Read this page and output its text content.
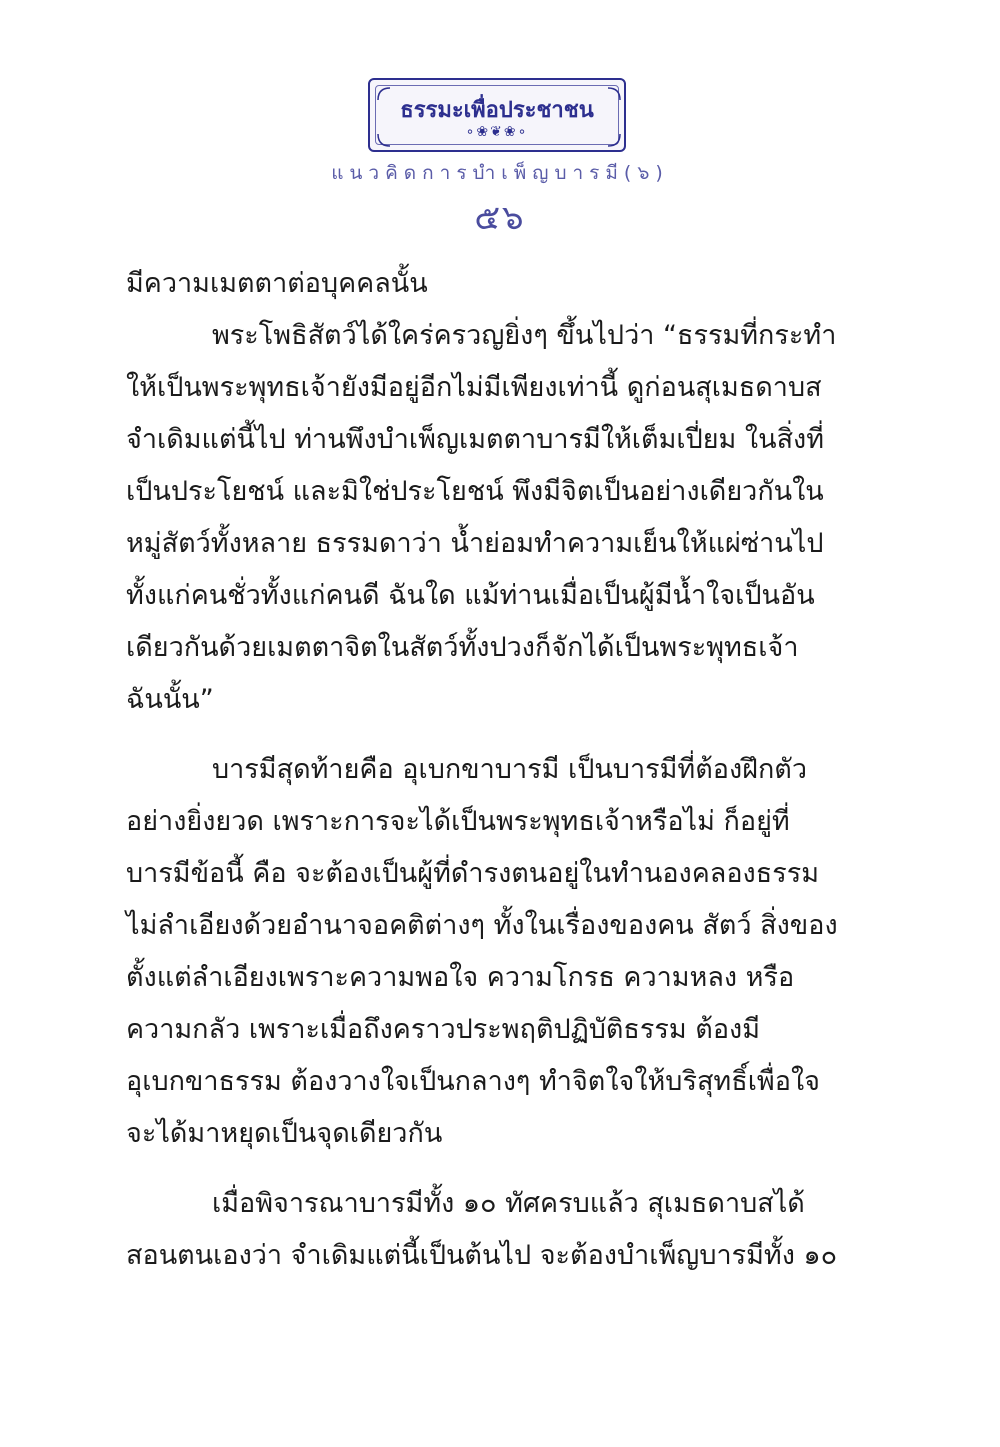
ธรรมะเพื่อประชาชน
∘❀❦❀∘
แนวคิดการบำเพ็ญบารมี(๖)
๕๖
มีความเมตตาต่อบุคคลนั้น
พระโพธิสัตว์ได้ใคร่ครวญยิ่งๆ ขึ้นไปว่า “ธรรมที่กระทำ
ให้เป็นพระพุทธเจ้ายังมีอยู่อีกไม่มีเพียงเท่านี้ ดูก่อนสุเมธดาบส
จำเดิมแต่นี้ไป ท่านพึงบำเพ็ญเมตตาบารมีให้เต็มเปี่ยม ในสิ่งที่
เป็นประโยชน์ และมิใช่ประโยชน์ พึงมีจิตเป็นอย่างเดียวกันใน
หมู่สัตว์ทั้งหลาย ธรรมดาว่า น้ำย่อมทำความเย็นให้แผ่ซ่านไป
ทั้งแก่คนชั่วทั้งแก่คนดี ฉันใด แม้ท่านเมื่อเป็นผู้มีน้ำใจเป็นอัน
เดียวกันด้วยเมตตาจิตในสัตว์ทั้งปวงก็จักได้เป็นพระพุทธเจ้า
ฉันนั้น”
บารมีสุดท้ายคือ อุเบกขาบารมี เป็นบารมีที่ต้องฝึกตัว
อย่างยิ่งยวด เพราะการจะได้เป็นพระพุทธเจ้าหรือไม่ ก็อยู่ที่
บารมีข้อนี้ คือ จะต้องเป็นผู้ที่ดำรงตนอยู่ในทำนองคลองธรรม
ไม่ลำเอียงด้วยอำนาจอคติต่างๆ ทั้งในเรื่องของคน สัตว์ สิ่งของ
ตั้งแต่ลำเอียงเพราะความพอใจ ความโกรธ ความหลง หรือ
ความกลัว เพราะเมื่อถึงคราวประพฤติปฏิบัติธรรม ต้องมี
อุเบกขาธรรม ต้องวางใจเป็นกลางๆ ทำจิตใจให้บริสุทธิ์เพื่อใจ
จะได้มาหยุดเป็นจุดเดียวกัน
เมื่อพิจารณาบารมีทั้ง ๑๐ ทัศครบแล้ว สุเมธดาบสได้
สอนตนเองว่า จำเดิมแต่นี้เป็นต้นไป จะต้องบำเพ็ญบารมีทั้ง ๑๐
